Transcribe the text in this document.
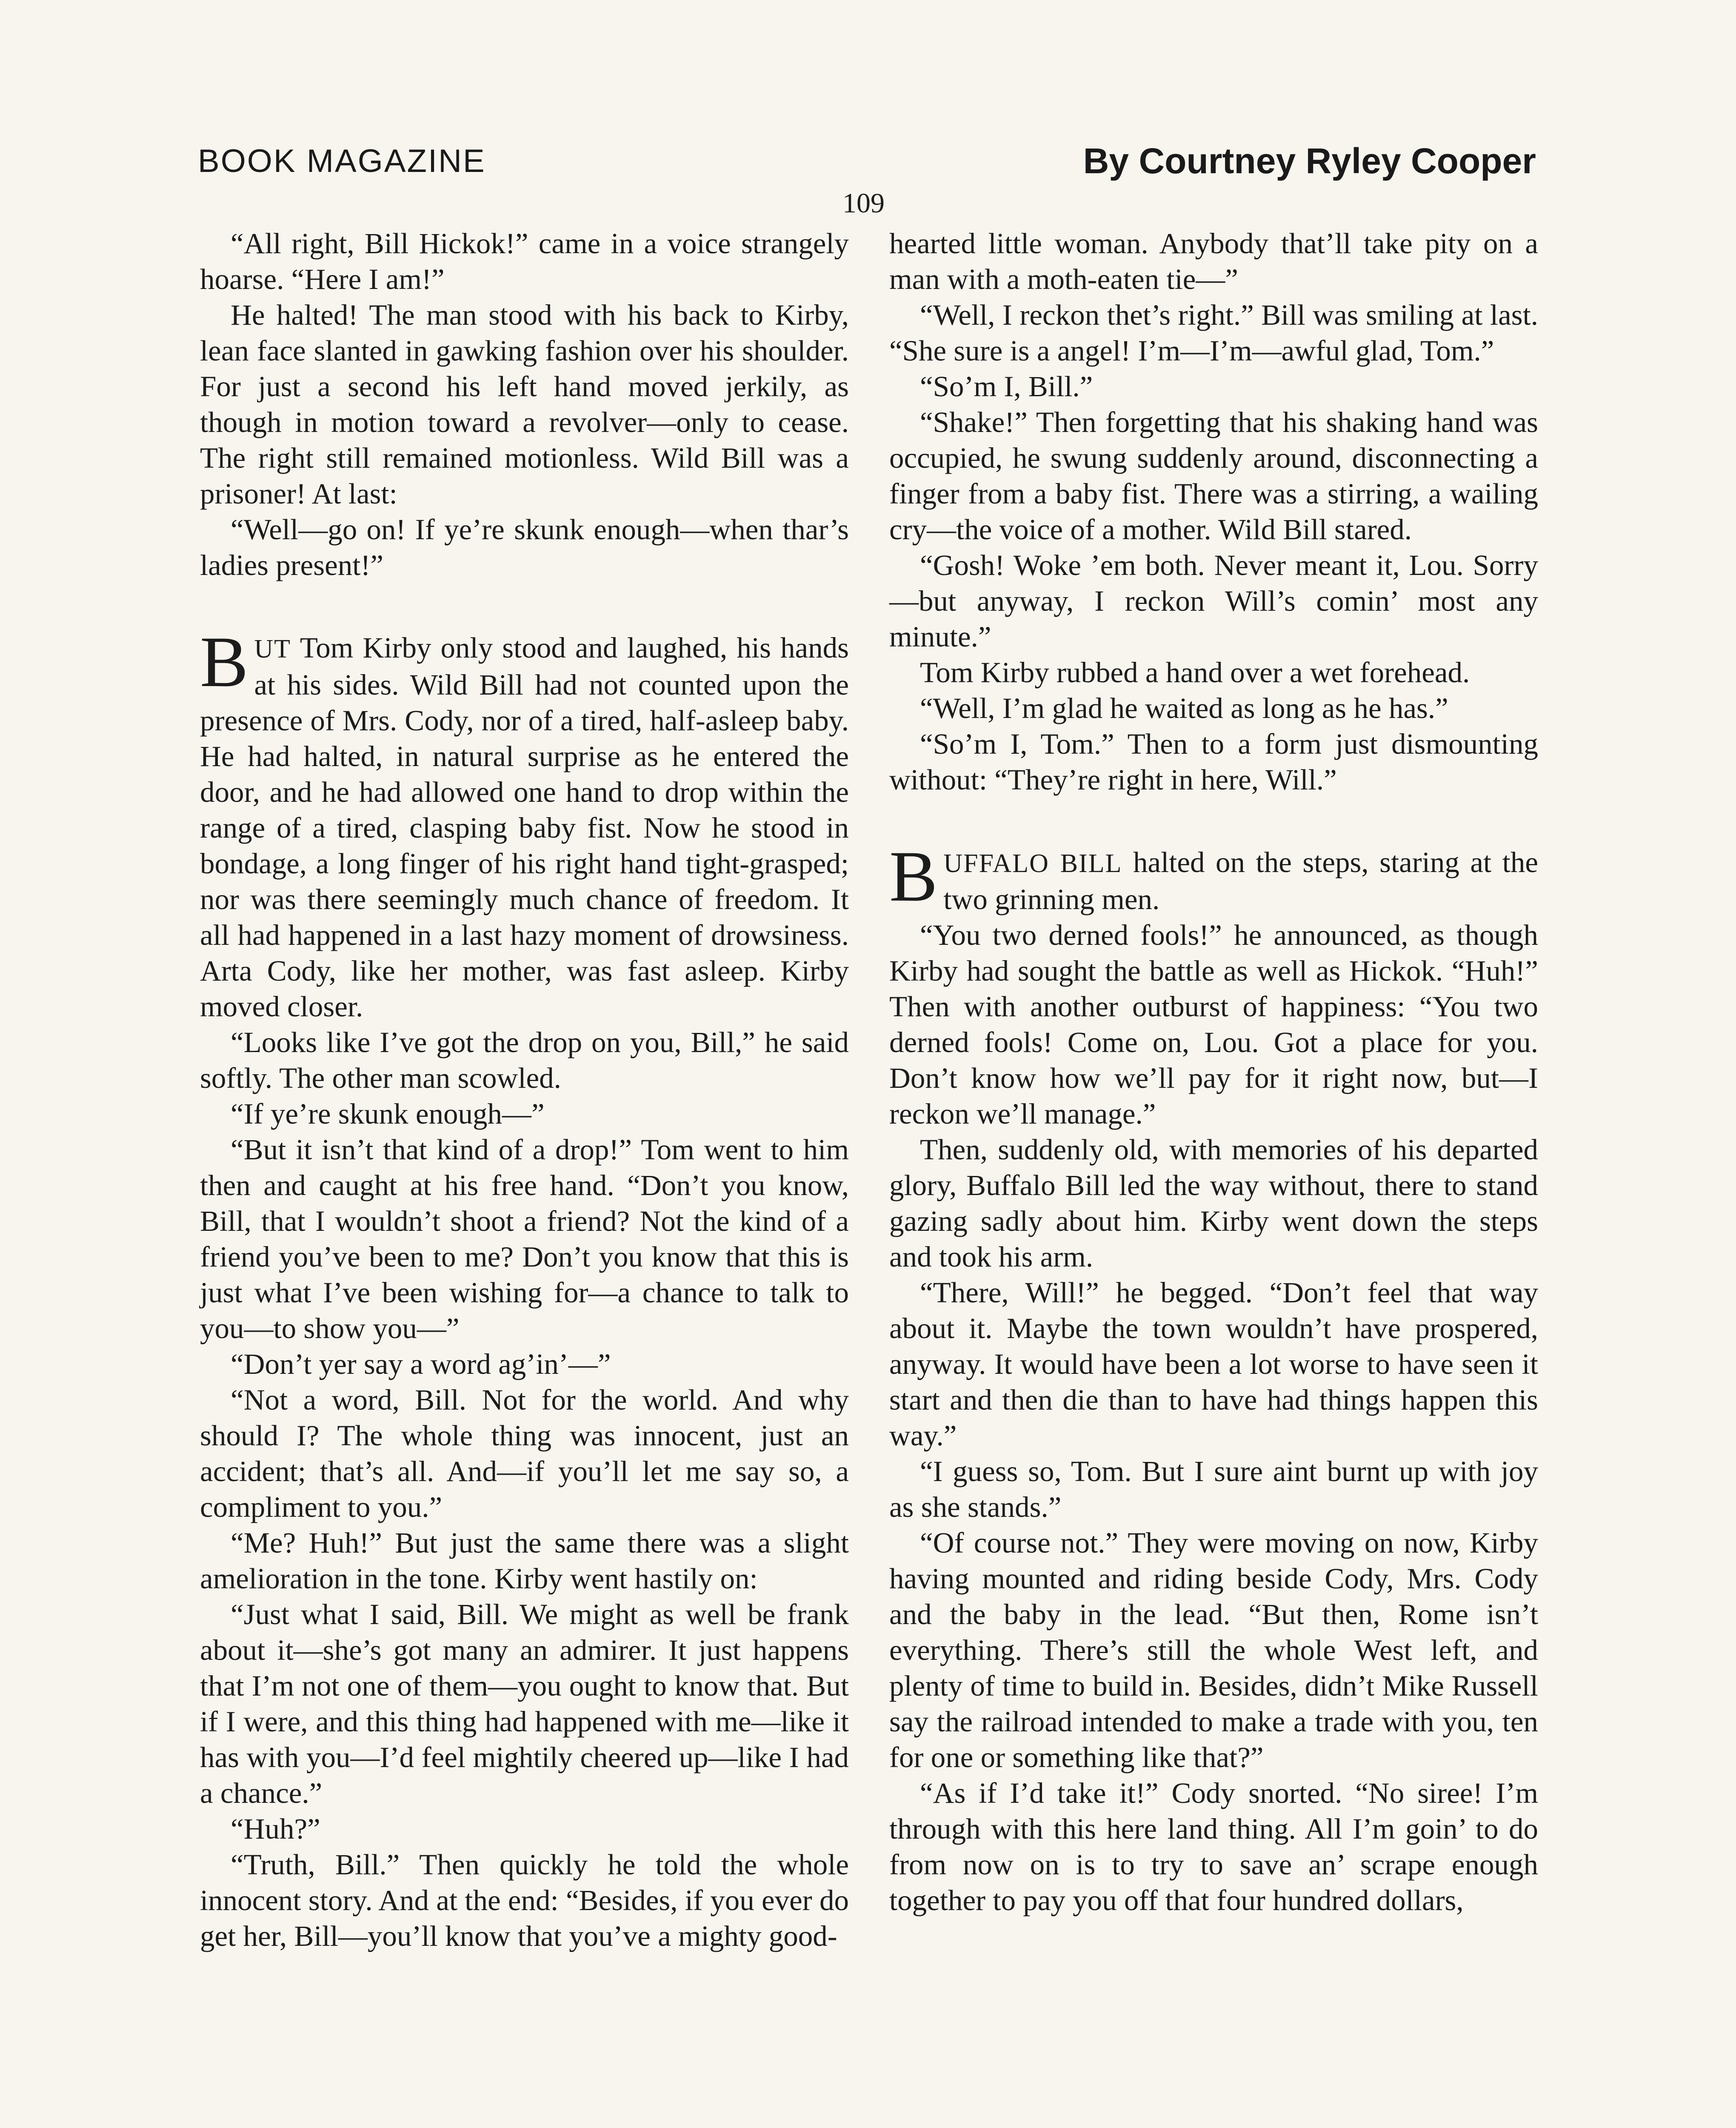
BOOK MAGAZINE	By Courtney Ryley Cooper
109

“All right, Bill Hickok!” came in a voice strangely hoarse. “Here I am!”

He halted! The man stood with his back to Kirby, lean face slanted in gawking fashion over his shoulder. For just a second his left hand moved jerkily, as though in motion toward a revolver—only to cease. The right still remained motionless. Wild Bill was a prisoner! At last:

“Well—go on! If ye’re skunk enough—when thar’s ladies present!”

BUT Tom Kirby only stood and laughed, his hands at his sides. Wild Bill had not counted upon the presence of Mrs. Cody, nor of a tired, half-asleep baby. He had halted, in natural surprise as he entered the door, and he had allowed one hand to drop within the range of a tired, clasping baby fist. Now he stood in bondage, a long finger of his right hand tight-grasped; nor was there seemingly much chance of freedom. It all had happened in a last hazy moment of drowsiness. Arta Cody, like her mother, was fast asleep. Kirby moved closer.

“Looks like I’ve got the drop on you, Bill,” he said softly. The other man scowled.

“If ye’re skunk enough—”

“But it isn’t that kind of a drop!” Tom went to him then and caught at his free hand. “Don’t you know, Bill, that I wouldn’t shoot a friend? Not the kind of a friend you’ve been to me? Don’t you know that this is just what I’ve been wishing for—a chance to talk to you—to show you—”

“Don’t yer say a word ag’in’—”

“Not a word, Bill. Not for the world. And why should I? The whole thing was innocent, just an accident; that’s all. And—if you’ll let me say so, a compliment to you.”

“Me? Huh!” But just the same there was a slight amelioration in the tone. Kirby went hastily on:

“Just what I said, Bill. We might as well be frank about it—she’s got many an admirer. It just happens that I’m not one of them—you ought to know that. But if I were, and this thing had happened with me—like it has with you—I’d feel mightily cheered up—like I had a chance.”

“Huh?”

“Truth, Bill.” Then quickly he told the whole innocent story. And at the end: “Besides, if you ever do get her, Bill—you’ll know that you’ve a mighty good-

hearted little woman. Anybody that’ll take pity on a man with a moth-eaten tie—”

“Well, I reckon thet’s right.” Bill was smiling at last. “She sure is a angel! I’m—I’m—awful glad, Tom.”

“So’m I, Bill.”

“Shake!” Then forgetting that his shaking hand was occupied, he swung suddenly around, disconnecting a finger from a baby fist. There was a stirring, a wailing cry—the voice of a mother. Wild Bill stared.

“Gosh! Woke ’em both. Never meant it, Lou. Sorry—but anyway, I reckon Will’s comin’ most any minute.”

Tom Kirby rubbed a hand over a wet forehead.

“Well, I’m glad he waited as long as he has.”

“So’m I, Tom.” Then to a form just dismounting without: “They’re right in here, Will.”

BUFFALO BILL halted on the steps, staring at the two grinning men.

“You two derned fools!” he announced, as though Kirby had sought the battle as well as Hickok. “Huh!” Then with another outburst of happiness: “You two derned fools! Come on, Lou. Got a place for you. Don’t know how we’ll pay for it right now, but—I reckon we’ll manage.”

Then, suddenly old, with memories of his departed glory, Buffalo Bill led the way without, there to stand gazing sadly about him. Kirby went down the steps and took his arm.

“There, Will!” he begged. “Don’t feel that way about it. Maybe the town wouldn’t have prospered, anyway. It would have been a lot worse to have seen it start and then die than to have had things happen this way.”

“I guess so, Tom. But I sure aint burnt up with joy as she stands.”

“Of course not.” They were moving on now, Kirby having mounted and riding beside Cody, Mrs. Cody and the baby in the lead. “But then, Rome isn’t everything. There’s still the whole West left, and plenty of time to build in. Besides, didn’t Mike Russell say the railroad intended to make a trade with you, ten for one or something like that?”

“As if I’d take it!” Cody snorted. “No siree! I’m through with this here land thing. All I’m goin’ to do from now on is to try to save an’ scrape enough together to pay you off that four hundred dollars,
